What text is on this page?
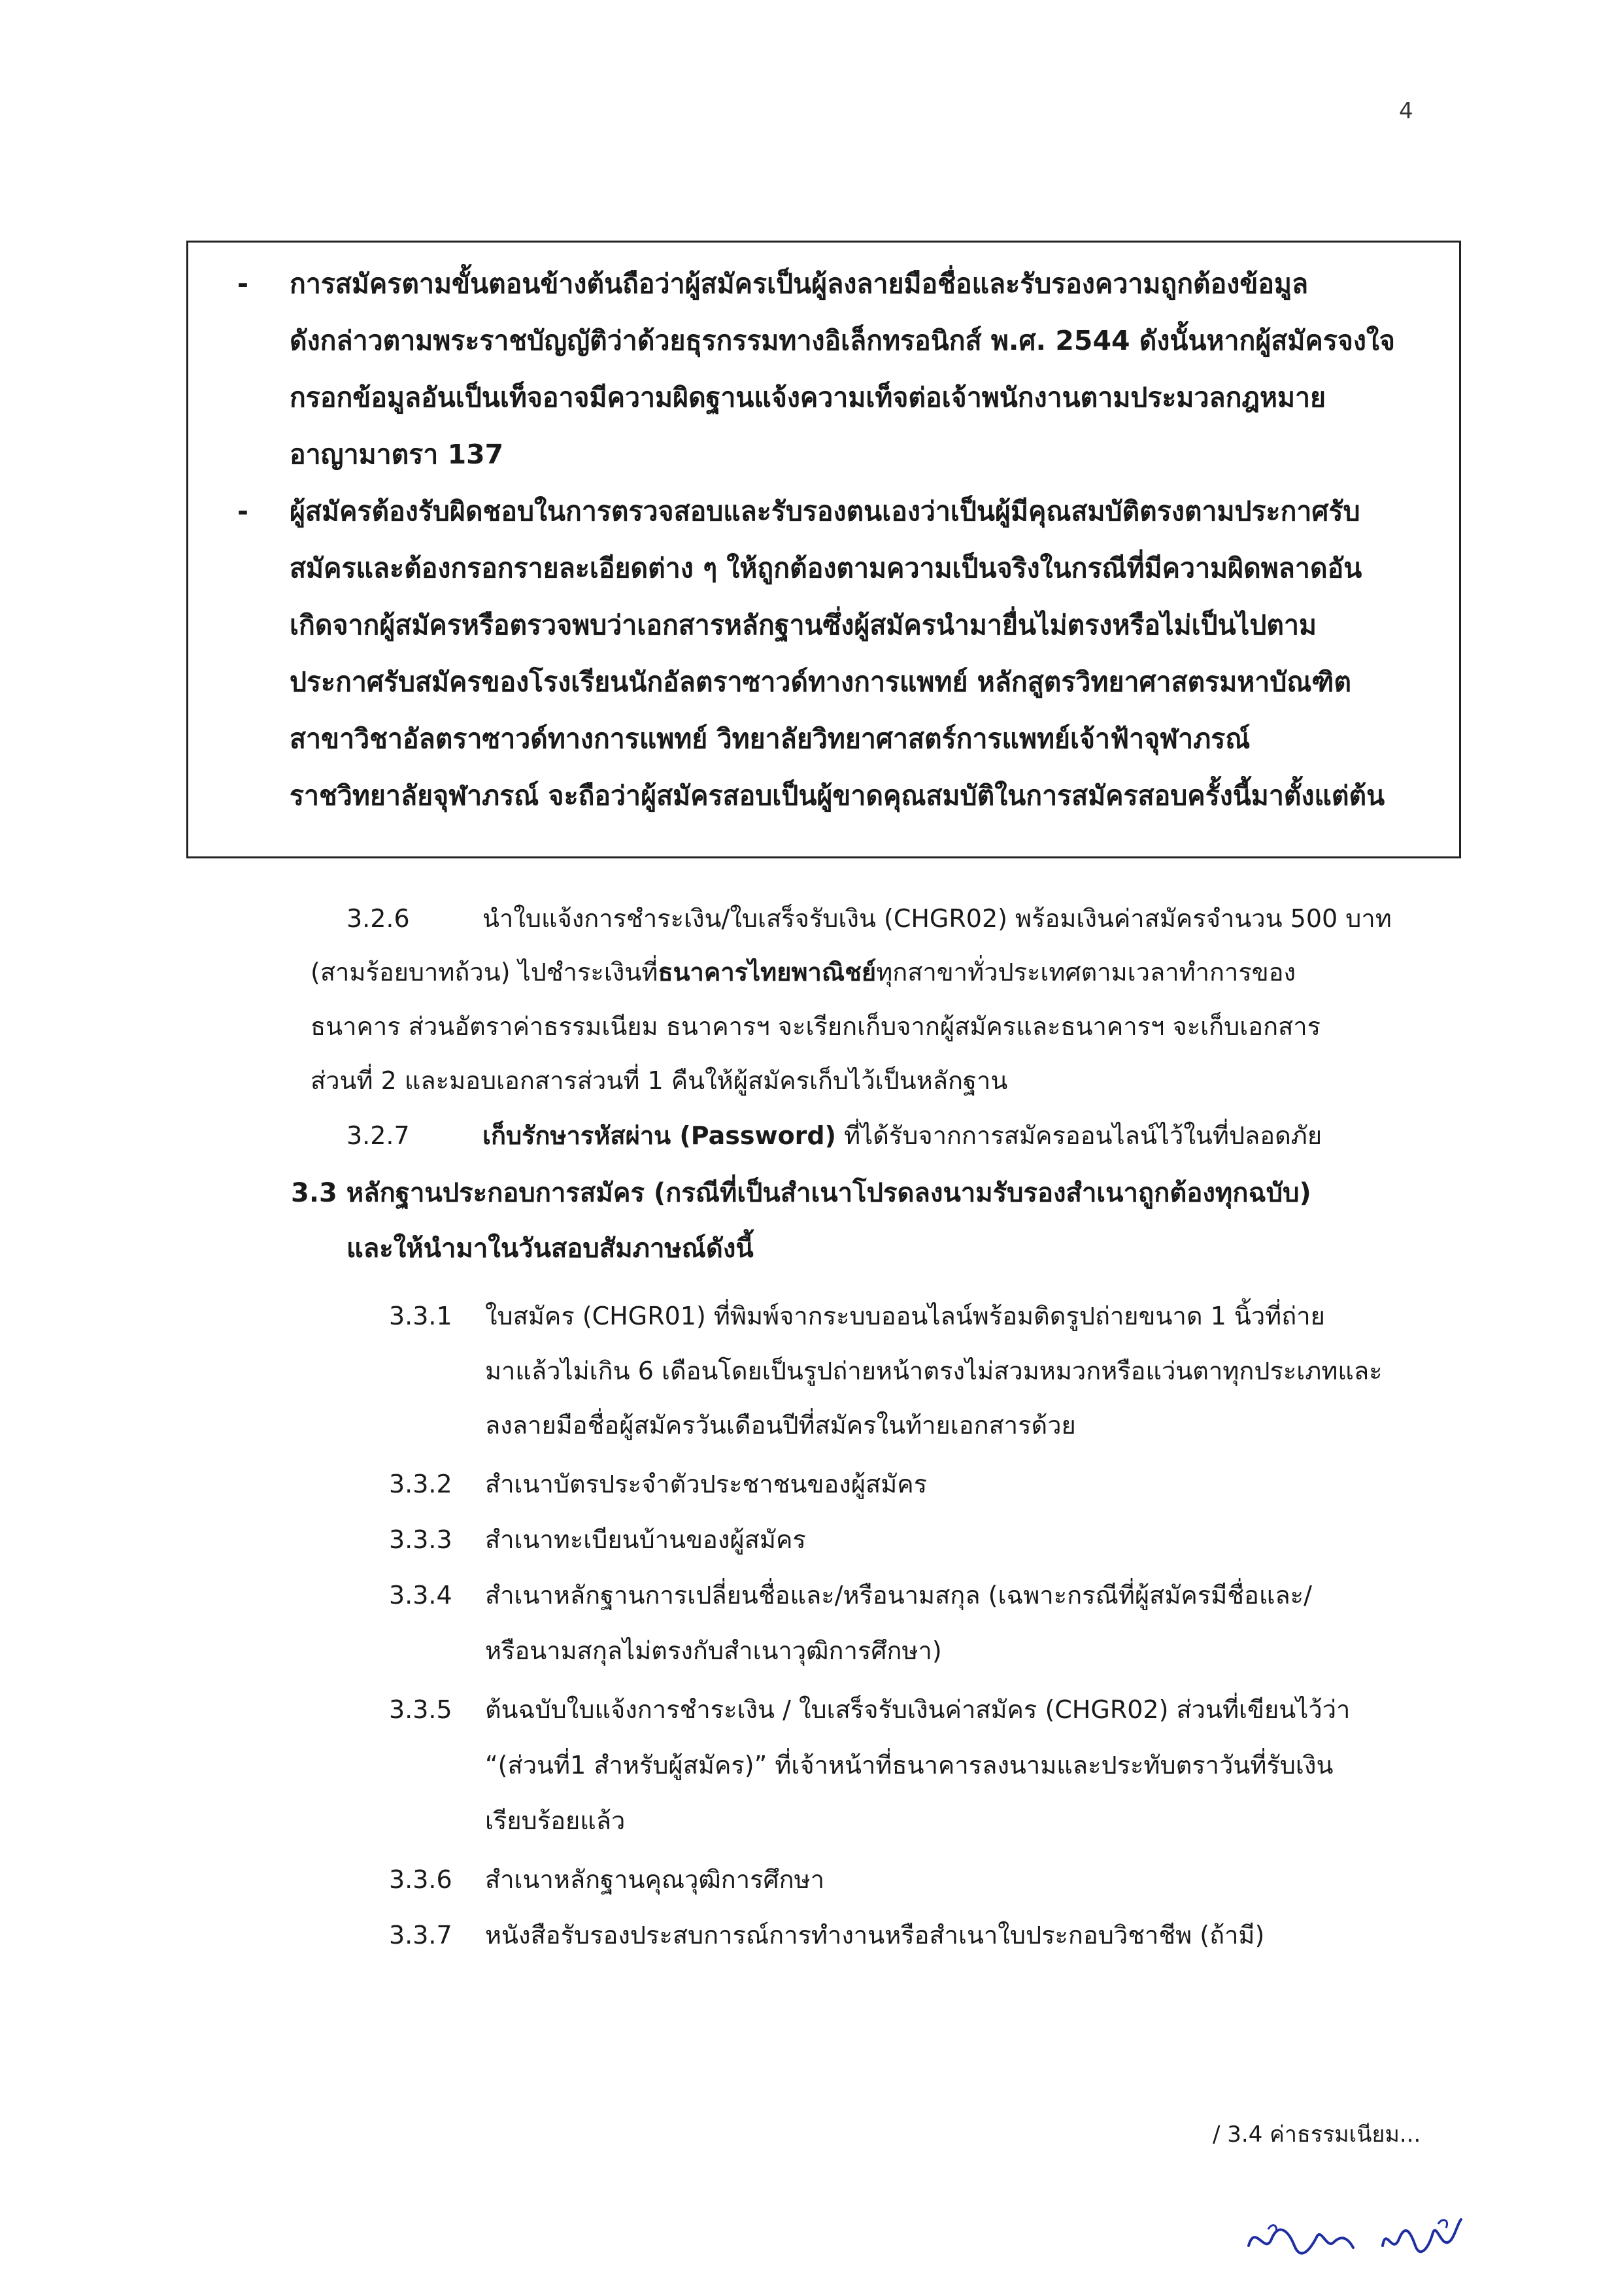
4
- การสมัครตามขั้นตอนข้างต้นถือว่าผู้สมัครเป็นผู้ลงลายมือชื่อและรับรองความถูกต้องข้อมูล
ดังกล่าวตามพระราชบัญญัติว่าด้วยธุรกรรมทางอิเล็กทรอนิกส์ พ.ศ. 2544 ดังนั้นหากผู้สมัครจงใจ
กรอกข้อมูลอันเป็นเท็จอาจมีความผิดฐานแจ้งความเท็จต่อเจ้าพนักงานตามประมวลกฎหมาย
อาญามาตรา 137
- ผู้สมัครต้องรับผิดชอบในการตรวจสอบและรับรองตนเองว่าเป็นผู้มีคุณสมบัติตรงตามประกาศรับ
สมัครและต้องกรอกรายละเอียดต่าง ๆ ให้ถูกต้องตามความเป็นจริงในกรณีที่มีความผิดพลาดอัน
เกิดจากผู้สมัครหรือตรวจพบว่าเอกสารหลักฐานซึ่งผู้สมัครนำมายื่นไม่ตรงหรือไม่เป็นไปตาม
ประกาศรับสมัครของโรงเรียนนักอัลตราซาวด์ทางการแพทย์ หลักสูตรวิทยาศาสตรมหาบัณฑิต
สาขาวิชาอัลตราซาวด์ทางการแพทย์ วิทยาลัยวิทยาศาสตร์การแพทย์เจ้าฟ้าจุฬาภรณ์
ราชวิทยาลัยจุฬาภรณ์ จะถือว่าผู้สมัครสอบเป็นผู้ขาดคุณสมบัติในการสมัครสอบครั้งนี้มาตั้งแต่ต้น
3.2.6	นำใบแจ้งการชำระเงิน/ใบเสร็จรับเงิน (CHGR02) พร้อมเงินค่าสมัครจำนวน 500 บาท
(สามร้อยบาทถ้วน) ไปชำระเงินที่ธนาคารไทยพาณิชย์ทุกสาขาทั่วประเทศตามเวลาทำการของ
ธนาคาร ส่วนอัตราค่าธรรมเนียม ธนาคารฯ จะเรียกเก็บจากผู้สมัครและธนาคารฯ จะเก็บเอกสาร
ส่วนที่ 2 และมอบเอกสารส่วนที่ 1 คืนให้ผู้สมัครเก็บไว้เป็นหลักฐาน
3.2.7	เก็บรักษารหัสผ่าน (Password) ที่ได้รับจากการสมัครออนไลน์ไว้ในที่ปลอดภัย
3.3 หลักฐานประกอบการสมัคร (กรณีที่เป็นสำเนาโปรดลงนามรับรองสำเนาถูกต้องทุกฉบับ)
และให้นำมาในวันสอบสัมภาษณ์ดังนี้
3.3.1 ใบสมัคร (CHGR01) ที่พิมพ์จากระบบออนไลน์พร้อมติดรูปถ่ายขนาด 1 นิ้วที่ถ่าย
มาแล้วไม่เกิน 6 เดือนโดยเป็นรูปถ่ายหน้าตรงไม่สวมหมวกหรือแว่นตาทุกประเภทและ
ลงลายมือชื่อผู้สมัครวันเดือนปีที่สมัครในท้ายเอกสารด้วย
3.3.2 สำเนาบัตรประจำตัวประชาชนของผู้สมัคร
3.3.3 สำเนาทะเบียนบ้านของผู้สมัคร
3.3.4 สำเนาหลักฐานการเปลี่ยนชื่อและ/หรือนามสกุล (เฉพาะกรณีที่ผู้สมัครมีชื่อและ/
หรือนามสกุลไม่ตรงกับสำเนาวุฒิการศึกษา)
3.3.5 ต้นฉบับใบแจ้งการชำระเงิน / ใบเสร็จรับเงินค่าสมัคร (CHGR02) ส่วนที่เขียนไว้ว่า
“(ส่วนที่1 สำหรับผู้สมัคร)” ที่เจ้าหน้าที่ธนาคารลงนามและประทับตราวันที่รับเงิน
เรียบร้อยแล้ว
3.3.6 สำเนาหลักฐานคุณวุฒิการศึกษา
3.3.7 หนังสือรับรองประสบการณ์การทำงานหรือสำเนาใบประกอบวิชาชีพ (ถ้ามี)
/ 3.4 ค่าธรรมเนียม...
